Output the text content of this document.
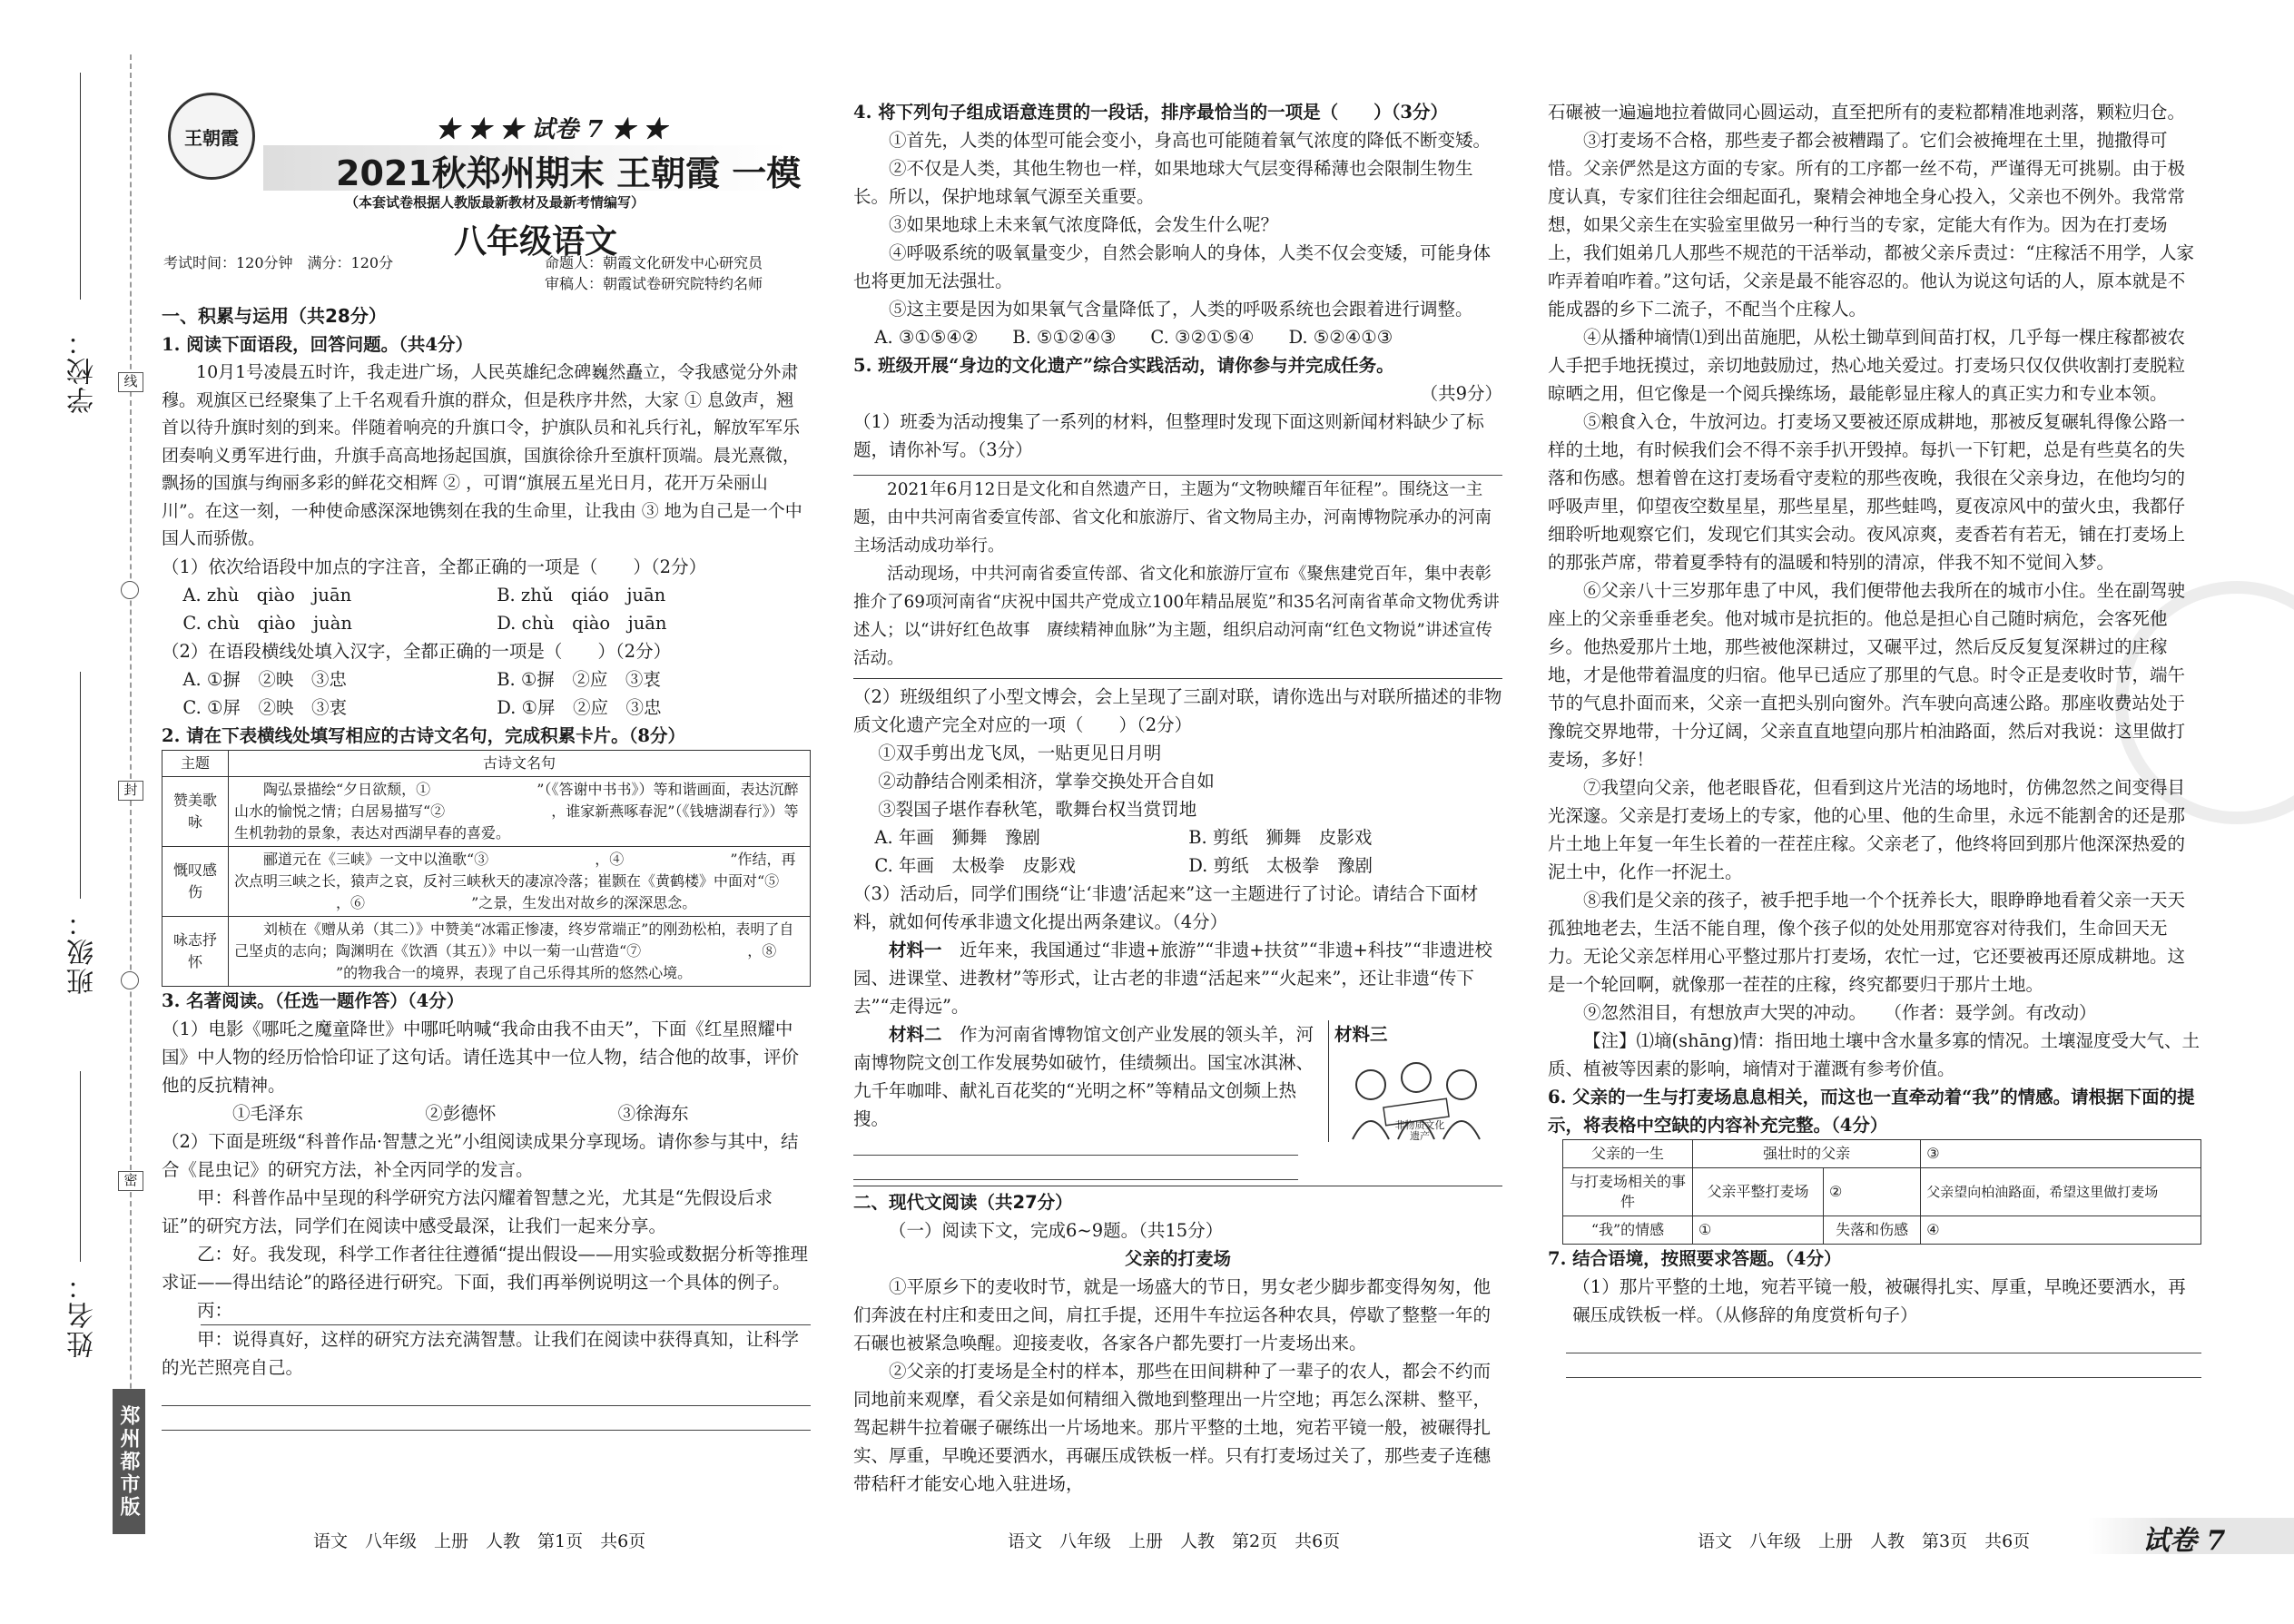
学校：
班级：
姓名：
线
封
密
郑州都市版
王朝霞	★ ★ ★ 试卷 7 ★ ★
2021秋郑州期末 王朝霞 一模
（本套试卷根据人教版最新教材及最新考情编写）
八年级语文
考试时间：120分钟　满分：120分	命题人：朝霞文化研发中心研究员
审稿人：朝霞试卷研究院特约名师

一、积累与运用（共28分）

1. 阅读下面语段，回答问题。（共4分）

10月1号凌晨五时许，我走进广场，人民英雄纪念碑巍然矗立，令我感觉分外肃穆。观旗区已经聚集了上千名观看升旗的群众，但是秩序井然，大家 ① 息敛声，翘首以待升旗时刻的到来。伴随着响亮的升旗口令，护旗队员和礼兵行礼，解放军军乐团奏响义勇军进行曲，升旗手高高地扬起国旗，国旗徐徐升至旗杆顶端。晨光熹微，飘扬的国旗与绚丽多彩的鲜花交相辉 ② ，可谓“旗展五星光日月，花开万朵丽山川”。在这一刻，一种使命感深深地镌刻在我的生命里，让我由 ③ 地为自己是一个中国人而骄傲。

（1）依次给语段中加点的字注音，全都正确的一项是（　　）（2分）

A. zhù　qiào　juān	B. zhǔ　qiáo　juān
C. chù　qiào　juàn	D. chù　qiào　juān

（2）在语段横线处填入汉字，全都正确的一项是（　　）（2分）

A. ①摒　②映　③忠	B. ①摒　②应　③衷
C. ①屏　②映　③衷	D. ①屏　②应　③忠

2. 请在下表横线处填写相应的古诗文名句，完成积累卡片。（8分）

主题	古诗文名句
赞美歌咏	陶弘景描绘“夕日欲颓，① 　　　　　　　”（《答谢中书书》）等和谐画面，表达沉醉山水的愉悦之情；白居易描写“② 　　　　　　　，谁家新燕啄春泥”（《钱塘湖春行》）等生机勃勃的景象，表达对西湖早春的喜爱。
慨叹感伤	郦道元在《三峡》一文中以渔歌“③ 　　　　　　　，④ 　　　　　　　”作结，再次点明三峡之长，猿声之哀，反衬三峡秋天的凄凉冷落；崔颢在《黄鹤楼》中面对“⑤ 　　　　　　　，⑥ 　　　　　　　”之景，生发出对故乡的深深思念。
咏志抒怀	刘桢在《赠从弟（其二）》中赞美“冰霜正惨凄，终岁常端正”的刚劲松柏，表明了自己坚贞的志向；陶渊明在《饮酒（其五）》中以一菊一山营造“⑦ 　　　　　　　，⑧ 　　　　　　　”的物我合一的境界，表现了自己乐得其所的悠然心境。

3. 名著阅读。（任选一题作答）（4分）

（1）电影《哪吒之魔童降世》中哪吒呐喊“我命由我不由天”，下面《红星照耀中国》中人物的经历恰恰印证了这句话。请任选其中一位人物，结合他的故事，评价他的反抗精神。

①毛泽东	②彭德怀	③徐海东

（2）下面是班级“科普作品·智慧之光”小组阅读成果分享现场。请你参与其中，结合《昆虫记》的研究方法，补全丙同学的发言。

甲：科普作品中呈现的科学研究方法闪耀着智慧之光，尤其是“先假设后求证”的研究方法，同学们在阅读中感受最深，让我们一起来分享。

乙：好。我发现，科学工作者往往遵循“提出假设——用实验或数据分析等推理求证——得出结论”的路径进行研究。下面，我们再举例说明这一个具体的例子。

丙：

甲：说得真好，这样的研究方法充满智慧。让我们在阅读中获得真知，让科学的光芒照亮自己。

4. 将下列句子组成语意连贯的一段话，排序最恰当的一项是（　　）（3分）

①首先，人类的体型可能会变小，身高也可能随着氧气浓度的降低不断变矮。

②不仅是人类，其他生物也一样，如果地球大气层变得稀薄也会限制生物生长。所以，保护地球氧气源至关重要。

③如果地球上未来氧气浓度降低，会发生什么呢？

④呼吸系统的吸氧量变少，自然会影响人的身体，人类不仅会变矮，可能身体也将更加无法强壮。

⑤这主要是因为如果氧气含量降低了，人类的呼吸系统也会跟着进行调整。

A. ③①⑤④② B. ⑤①②④③ C. ③②①⑤④ D. ⑤②④①③

5. 班级开展“身边的文化遗产”综合实践活动，请你参与并完成任务。

（共9分）

（1）班委为活动搜集了一系列的材料，但整理时发现下面这则新闻材料缺少了标题，请你补写。（3分）

2021年6月12日是文化和自然遗产日，主题为“文物映耀百年征程”。围绕这一主题，由中共河南省委宣传部、省文化和旅游厅、省文物局主办，河南博物院承办的河南主场活动成功举行。

活动现场，中共河南省委宣传部、省文化和旅游厅宣布《聚焦建党百年，集中表彰推介了69项河南省“庆祝中国共产党成立100年精品展览”和35名河南省革命文物优秀讲述人；以“讲好红色故事　赓续精神血脉”为主题，组织启动河南“红色文物说”讲述宣传活动。

（2）班级组织了小型文博会，会上呈现了三副对联，请你选出与对联所描述的非物质文化遗产完全对应的一项（　　）（2分）

①双手剪出龙飞凤，一贴更见日月明

②动静结合刚柔相济，掌拳交换处开合自如

③裂国子堪作春秋笔，歌舞台权当赏罚地

A. 年画　狮舞　豫剧	B. 剪纸　狮舞　皮影戏
C. 年画　太极拳　皮影戏	D. 剪纸　太极拳　豫剧

（3）活动后，同学们围绕“让‘非遗’活起来”这一主题进行了讨论。请结合下面材料，就如何传承非遗文化提出两条建议。（4分）

材料一　 近年来，我国通过“非遗+旅游”“非遗+扶贫”“非遗+科技”“非遗进校园、进课堂、进教材”等形式，让古老的非遗“活起来”“火起来”，还让非遗“传下去”“走得远”。

材料二　 作为河南省博物馆文创产业发展的领头羊，河南博物院文创工作发展势如破竹，佳绩频出。国宝冰淇淋、九千年咖啡、献礼百花奖的“光明之杯”等精品文创频上热搜。

材料三
非物质文化遗产

二、现代文阅读（共27分）

（一）阅读下文，完成6~9题。（共15分）

父亲的打麦场

①平原乡下的麦收时节，就是一场盛大的节日，男女老少脚步都变得匆匆，他们奔波在村庄和麦田之间，肩扛手提，还用牛车拉运各种农具，停歇了整整一年的石碾也被紧急唤醒。迎接麦收，各家各户都先要打一片麦场出来。

②父亲的打麦场是全村的样本，那些在田间耕种了一辈子的农人，都会不约而同地前来观摩，看父亲是如何精细入微地到整理出一片空地；再怎么深耕、整平，驾起耕牛拉着碾子碾练出一片场地来。那片平整的土地，宛若平镜一般，被碾得扎实、厚重，早晚还要洒水，再碾压成铁板一样。只有打麦场过关了，那些麦子连穗带秸秆才能安心地入驻进场，

石碾被一遍遍地拉着做同心圆运动，直至把所有的麦粒都精准地剥落，颗粒归仓。

③打麦场不合格，那些麦子都会被糟蹋了。它们会被掩埋在土里，抛撒得可惜。父亲俨然是这方面的专家。所有的工序都一丝不苟，严谨得无可挑剔。由于极度认真，专家们往往会细起面孔，聚精会神地全身心投入，父亲也不例外。我常常想，如果父亲生在实验室里做另一种行当的专家，定能大有作为。因为在打麦场上，我们姐弟几人那些不规范的干活举动，都被父亲斥责过：“庄稼活不用学，人家咋弄着咱咋着。”这句话，父亲是最不能容忍的。他认为说这句话的人，原本就是不能成器的乡下二流子，不配当个庄稼人。

④从播种墒情⑴到出苗施肥，从松土锄草到间苗打权，几乎每一棵庄稼都被农人手把手地抚摸过，亲切地鼓励过，热心地关爱过。打麦场只仅仅供收割打麦脱粒晾晒之用，但它像是一个阅兵操练场，最能彰显庄稼人的真正实力和专业本领。

⑤粮食入仓，牛放河边。打麦场又要被还原成耕地，那被反复碾轧得像公路一样的土地，有时候我们会不得不亲手扒开毁掉。每扒一下钉耙，总是有些莫名的失落和伤感。想着曾在这打麦场看守麦粒的那些夜晚，我很在父亲身边，在他均匀的呼吸声里，仰望夜空数星星，那些星星，那些蛙鸣，夏夜凉风中的萤火虫，我都仔细聆听地观察它们，发现它们其实会动。夜风凉爽，麦香若有若无，铺在打麦场上的那张芦席，带着夏季特有的温暖和特别的清凉，伴我不知不觉间入梦。

⑥父亲八十三岁那年患了中风，我们便带他去我所在的城市小住。坐在副驾驶座上的父亲垂垂老矣。他对城市是抗拒的。他总是担心自己随时病危，会客死他乡。他热爱那片土地，那些被他深耕过，又碾平过，然后反反复复深耕过的庄稼地，才是他带着温度的归宿。他早已适应了那里的气息。时令正是麦收时节，端午节的气息扑面而来，父亲一直把头别向窗外。汽车驶向高速公路。那座收费站处于豫皖交界地带，十分辽阔，父亲直直地望向那片柏油路面，然后对我说：这里做打麦场，多好！

⑦我望向父亲，他老眼昏花，但看到这片光洁的场地时，仿佛忽然之间变得目光深邃。父亲是打麦场上的专家，他的心里、他的生命里，永远不能割舍的还是那片土地上年复一年生长着的一茬茬庄稼。父亲老了，他终将回到那片他深深热爱的泥土中，化作一抔泥土。

⑧我们是父亲的孩子，被手把手地一个个抚养长大，眼睁睁地看着父亲一天天孤独地老去，生活不能自理，像个孩子似的处处用那宽容对待我们，生命回天无力。无论父亲怎样用心平整过那片打麦场，农忙一过，它还要被再还原成耕地。这是一个轮回啊，就像那一茬茬的庄稼，终究都要归于那片土地。

⑨忽然泪目，有想放声大哭的冲动。　　 （作者：聂学剑。有改动）

【注】⑴墒(shāng)情：指田地土壤中含水量多寡的情况。土壤湿度受大气、土质、植被等因素的影响，墒情对于灌溉有参考价值。

6. 父亲的一生与打麦场息息相关，而这也一直牵动着“我”的情感。请根据下面的提示，将表格中空缺的内容补充完整。（4分）

父亲的一生	强壮时的父亲		③
与打麦场相关的事件	父亲平整打麦场	②	父亲望向柏油路面，希望这里做打麦场
“我”的情感	①	失落和伤感	④

7. 结合语境，按照要求答题。（4分）

（1）那片平整的土地，宛若平镜一般，被碾得扎实、厚重，早晚还要洒水，再碾压成铁板一样。（从修辞的角度赏析句子）

语文　八年级　上册　人教　第1页　共6页	语文　八年级　上册　人教　第2页　共6页	语文　八年级　上册　人教　第3页　共6页	试卷 7
